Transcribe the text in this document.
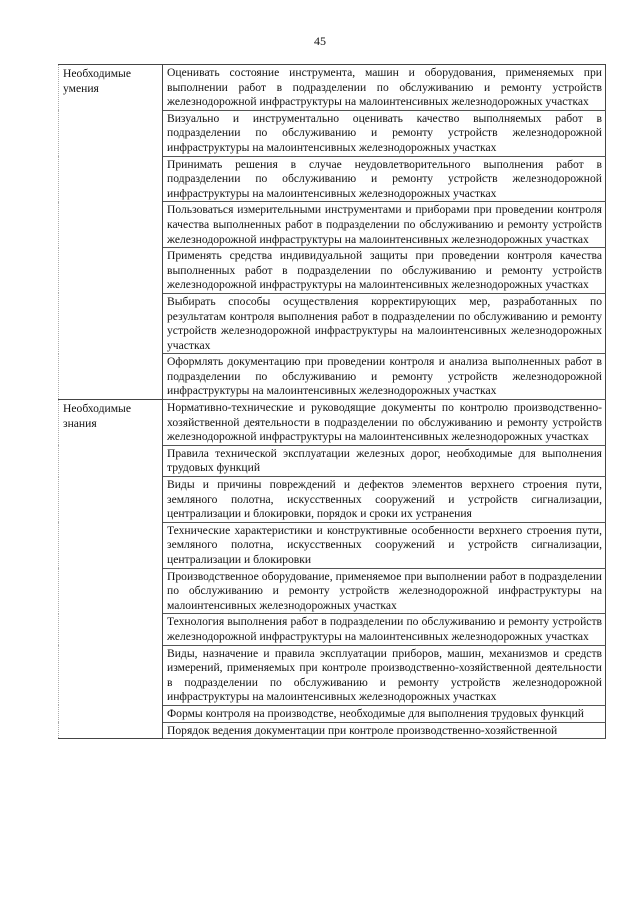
45
Необходимые умения	Оценивать состояние инструмента, машин и оборудования, применяемых при выполнении работ в подразделении по обслуживанию и ремонту устройств железнодорожной инфраструктуры на малоинтенсивных железнодорожных участках
	Визуально и инструментально оценивать качество выполняемых работ в подразделении по обслуживанию и ремонту устройств железнодорожной инфраструктуры на малоинтенсивных железнодорожных участках
	Принимать решения в случае неудовлетворительного выполнения работ в подразделении по обслуживанию и ремонту устройств железнодорожной инфраструктуры на малоинтенсивных железнодорожных участках
	Пользоваться измерительными инструментами и приборами при проведении контроля качества выполненных работ в подразделении по обслуживанию и ремонту устройств железнодорожной инфраструктуры на малоинтенсивных железнодорожных участках
	Применять средства индивидуальной защиты при проведении контроля качества выполненных работ в подразделении по обслуживанию и ремонту устройств железнодорожной инфраструктуры на малоинтенсивных железнодорожных участках
	Выбирать способы осуществления корректирующих мер, разработанных по результатам контроля выполнения работ в подразделении по обслуживанию и ремонту устройств железнодорожной инфраструктуры на малоинтенсивных железнодорожных участках
	Оформлять документацию при проведении контроля и анализа выполненных работ в подразделении по обслуживанию и ремонту устройств железнодорожной инфраструктуры на малоинтенсивных железнодорожных участках
Необходимые знания	Нормативно-технические и руководящие документы по контролю производственно-хозяйственной деятельности в подразделении по обслуживанию и ремонту устройств железнодорожной инфраструктуры на малоинтенсивных железнодорожных участках
	Правила технической эксплуатации железных дорог, необходимые для выполнения трудовых функций
	Виды и причины повреждений и дефектов элементов верхнего строения пути, земляного полотна, искусственных сооружений и устройств сигнализации, централизации и блокировки, порядок и сроки их устранения
	Технические характеристики и конструктивные особенности верхнего строения пути, земляного полотна, искусственных сооружений и устройств сигнализации, централизации и блокировки
	Производственное оборудование, применяемое при выполнении работ в подразделении по обслуживанию и ремонту устройств железнодорожной инфраструктуры на малоинтенсивных железнодорожных участках
	Технология выполнения работ в подразделении по обслуживанию и ремонту устройств железнодорожной инфраструктуры на малоинтенсивных железнодорожных участках
	Виды, назначение и правила эксплуатации приборов, машин, механизмов и средств измерений, применяемых при контроле производственно-хозяйственной деятельности в подразделении по обслуживанию и ремонту устройств железнодорожной инфраструктуры на малоинтенсивных железнодорожных участках
	Формы контроля на производстве, необходимые для выполнения трудовых функций
	Порядок ведения документации при контроле производственно-хозяйственной
